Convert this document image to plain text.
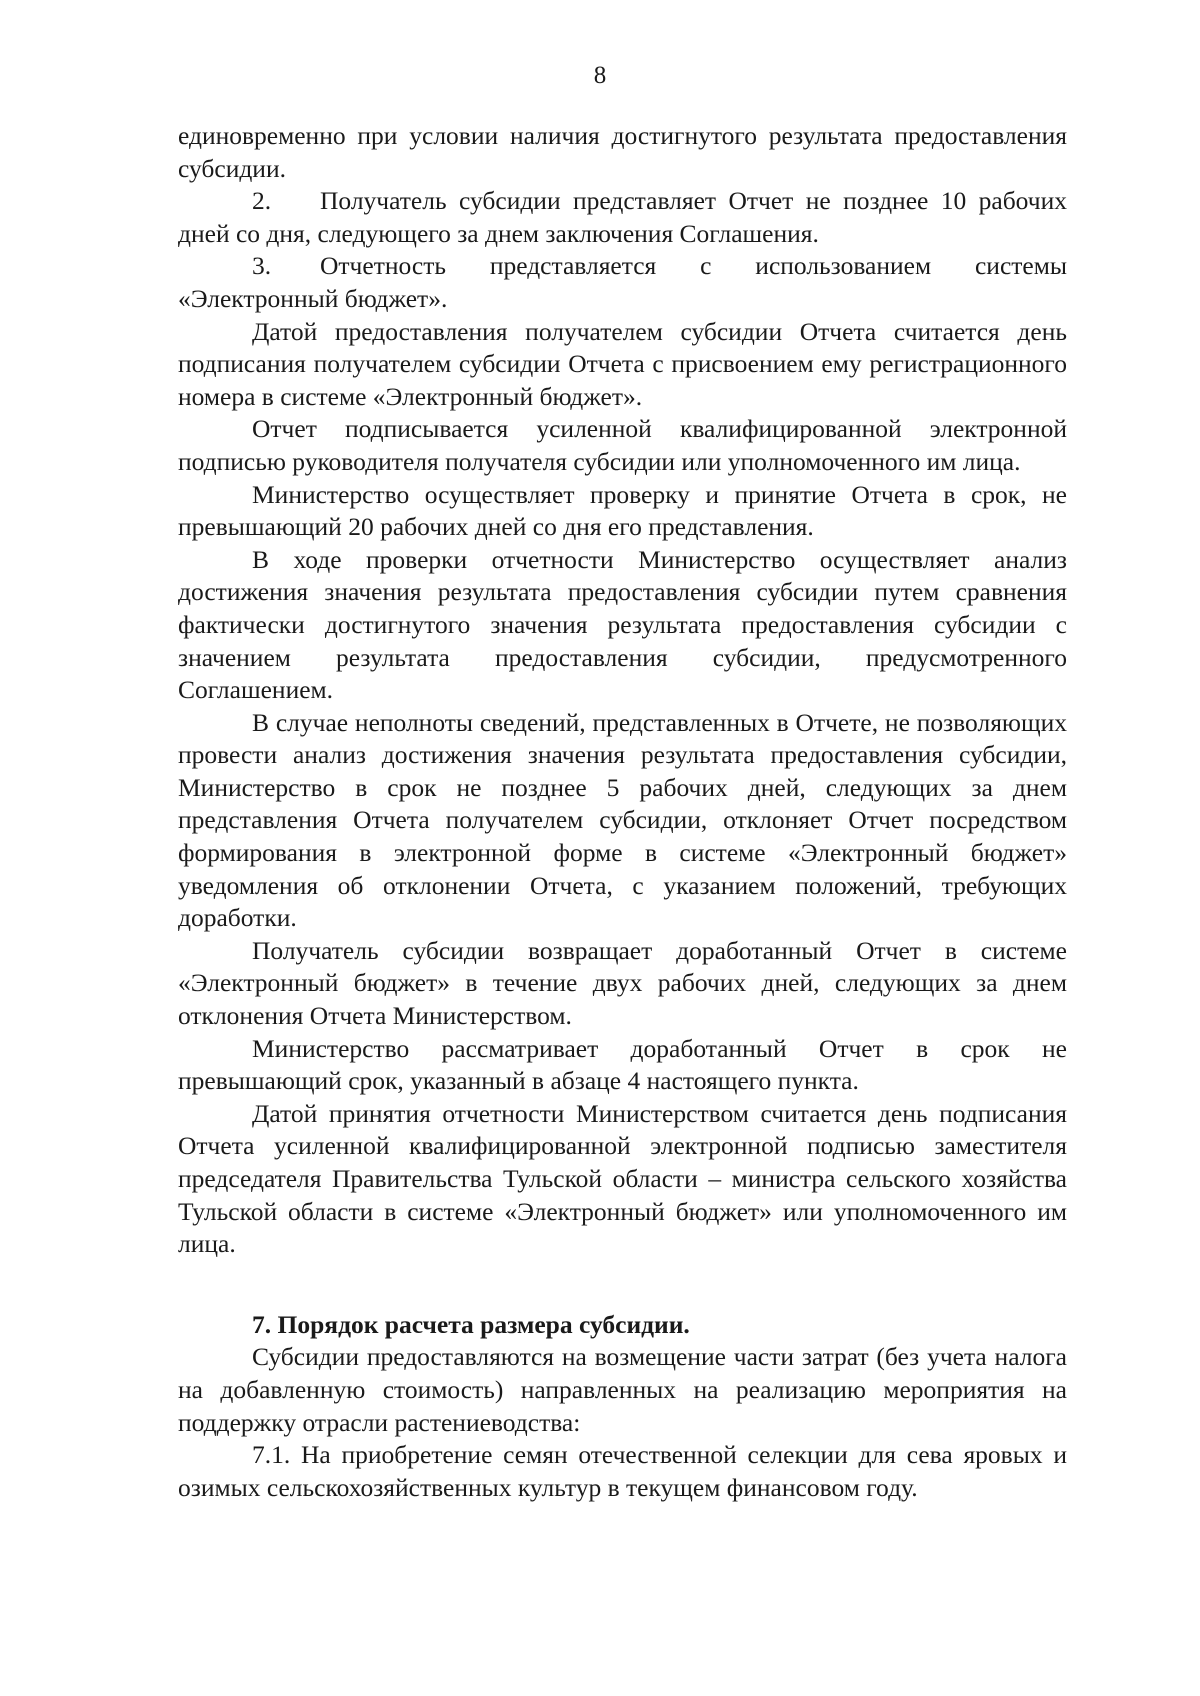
8

единовременно при условии наличия достигнутого результата предоставления субсидии.

2. Получатель субсидии представляет Отчет не позднее 10 рабочих дней со дня, следующего за днем заключения Соглашения.

3. Отчетность представляется с использованием системы «Электронный бюджет».

Датой предоставления получателем субсидии Отчета считается день подписания получателем субсидии Отчета с присвоением ему регистрационного номера в системе «Электронный бюджет».

Отчет подписывается усиленной квалифицированной электронной подписью руководителя получателя субсидии или уполномоченного им лица.

Министерство осуществляет проверку и принятие Отчета в срок, не превышающий 20 рабочих дней со дня его представления.

В ходе проверки отчетности Министерство осуществляет анализ достижения значения результата предоставления субсидии путем сравнения фактически достигнутого значения результата предоставления субсидии с значением результата предоставления субсидии, предусмотренного Соглашением.

В случае неполноты сведений, представленных в Отчете, не позволяющих провести анализ достижения значения результата предоставления субсидии, Министерство в срок не позднее 5 рабочих дней, следующих за днем представления Отчета получателем субсидии, отклоняет Отчет посредством формирования в электронной форме в системе «Электронный бюджет» уведомления об отклонении Отчета, с указанием положений, требующих доработки.

Получатель субсидии возвращает доработанный Отчет в системе «Электронный бюджет» в течение двух рабочих дней, следующих за днем отклонения Отчета Министерством.

Министерство рассматривает доработанный Отчет в срок не превышающий срок, указанный в абзаце 4 настоящего пункта.

Датой принятия отчетности Министерством считается день подписания Отчета усиленной квалифицированной электронной подписью заместителя председателя Правительства Тульской области – министра сельского хозяйства Тульской области в системе «Электронный бюджет» или уполномоченного им лица.

7. Порядок расчета размера субсидии.

Субсидии предоставляются на возмещение части затрат (без учета налога на добавленную стоимость) направленных на реализацию мероприятия на поддержку отрасли растениеводства:

7.1. На приобретение семян отечественной селекции для сева яровых и озимых сельскохозяйственных культур в текущем финансовом году.
